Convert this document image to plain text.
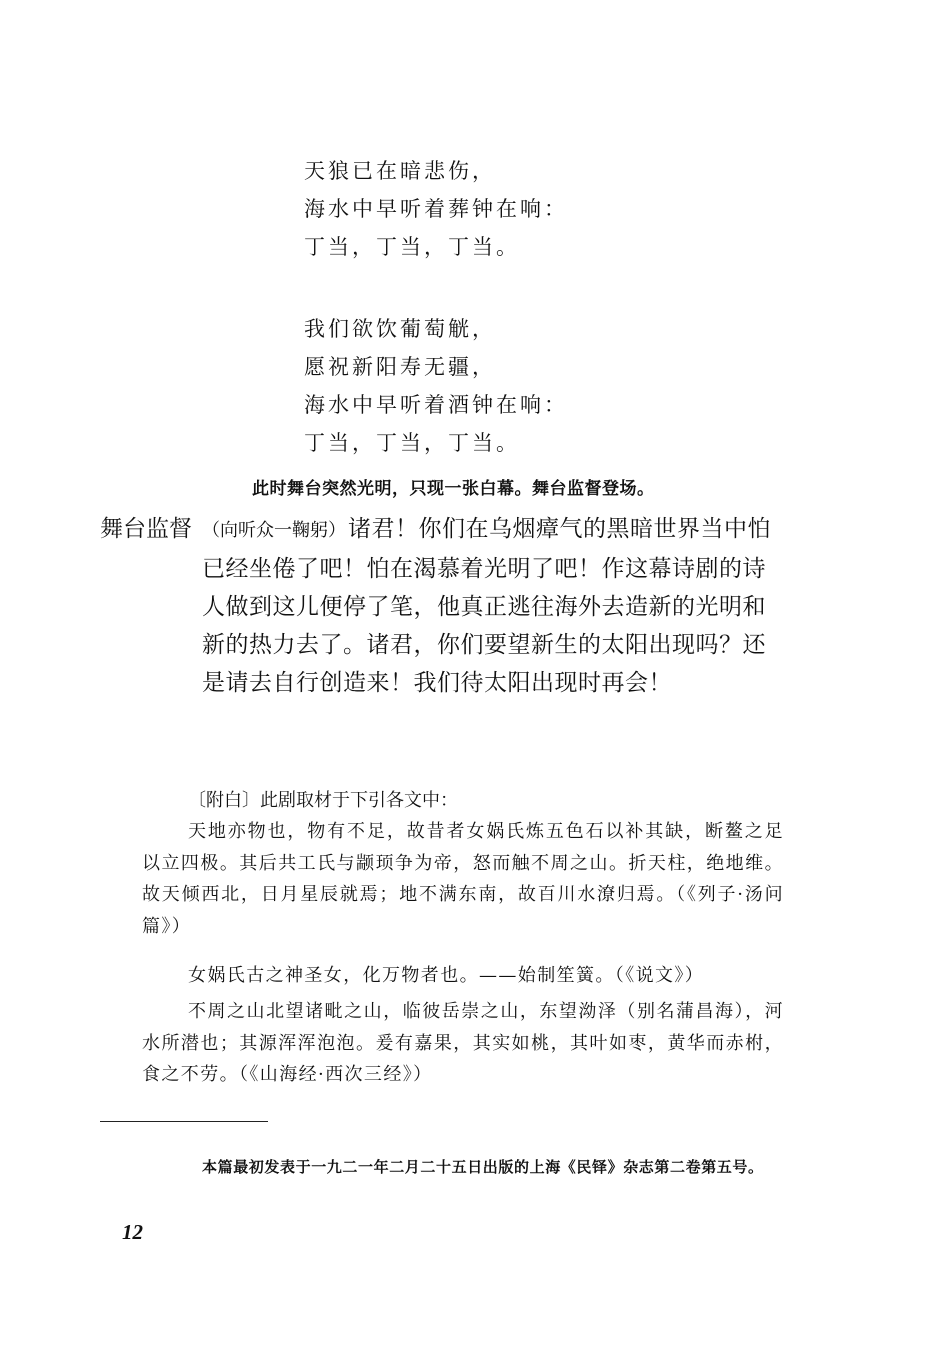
天狼已在暗悲伤，
海水中早听着葬钟在响：
丁当，丁当，丁当。
我们欲饮葡萄觥，
愿祝新阳寿无疆，
海水中早听着酒钟在响：
丁当，丁当，丁当。
此时舞台突然光明，只现一张白幕。舞台监督登场。
舞台监督 （向听众一鞠躬）诸君！你们在乌烟瘴气的黑暗世界当中怕已经坐倦了吧！怕在渴慕着光明了吧！作这幕诗剧的诗人做到这儿便停了笔，他真正逃往海外去造新的光明和新的热力去了。诸君，你们要望新生的太阳出现吗？还是请去自行创造来！我们待太阳出现时再会！
〔附白〕此剧取材于下引各文中：

天地亦物也，物有不足，故昔者女娲氏炼五色石以补其缺，断鳌之足以立四极。其后共工氏与颛顼争为帝，怒而触不周之山。折天柱，绝地维。故天倾西北，日月星辰就焉；地不满东南，故百川水潦归焉。（《列子·汤问篇》）

女娲氏古之神圣女，化万物者也。——始制笙簧。（《说文》）

不周之山北望诸毗之山，临彼岳崇之山，东望泑泽（别名蒲昌海），河水所潜也；其源浑浑泡泡。爰有嘉果，其实如桃，其叶如枣，黄华而赤柎，食之不劳。（《山海经·西次三经》）

本篇最初发表于一九二一年二月二十五日出版的上海《民铎》杂志第二卷第五号。

12
